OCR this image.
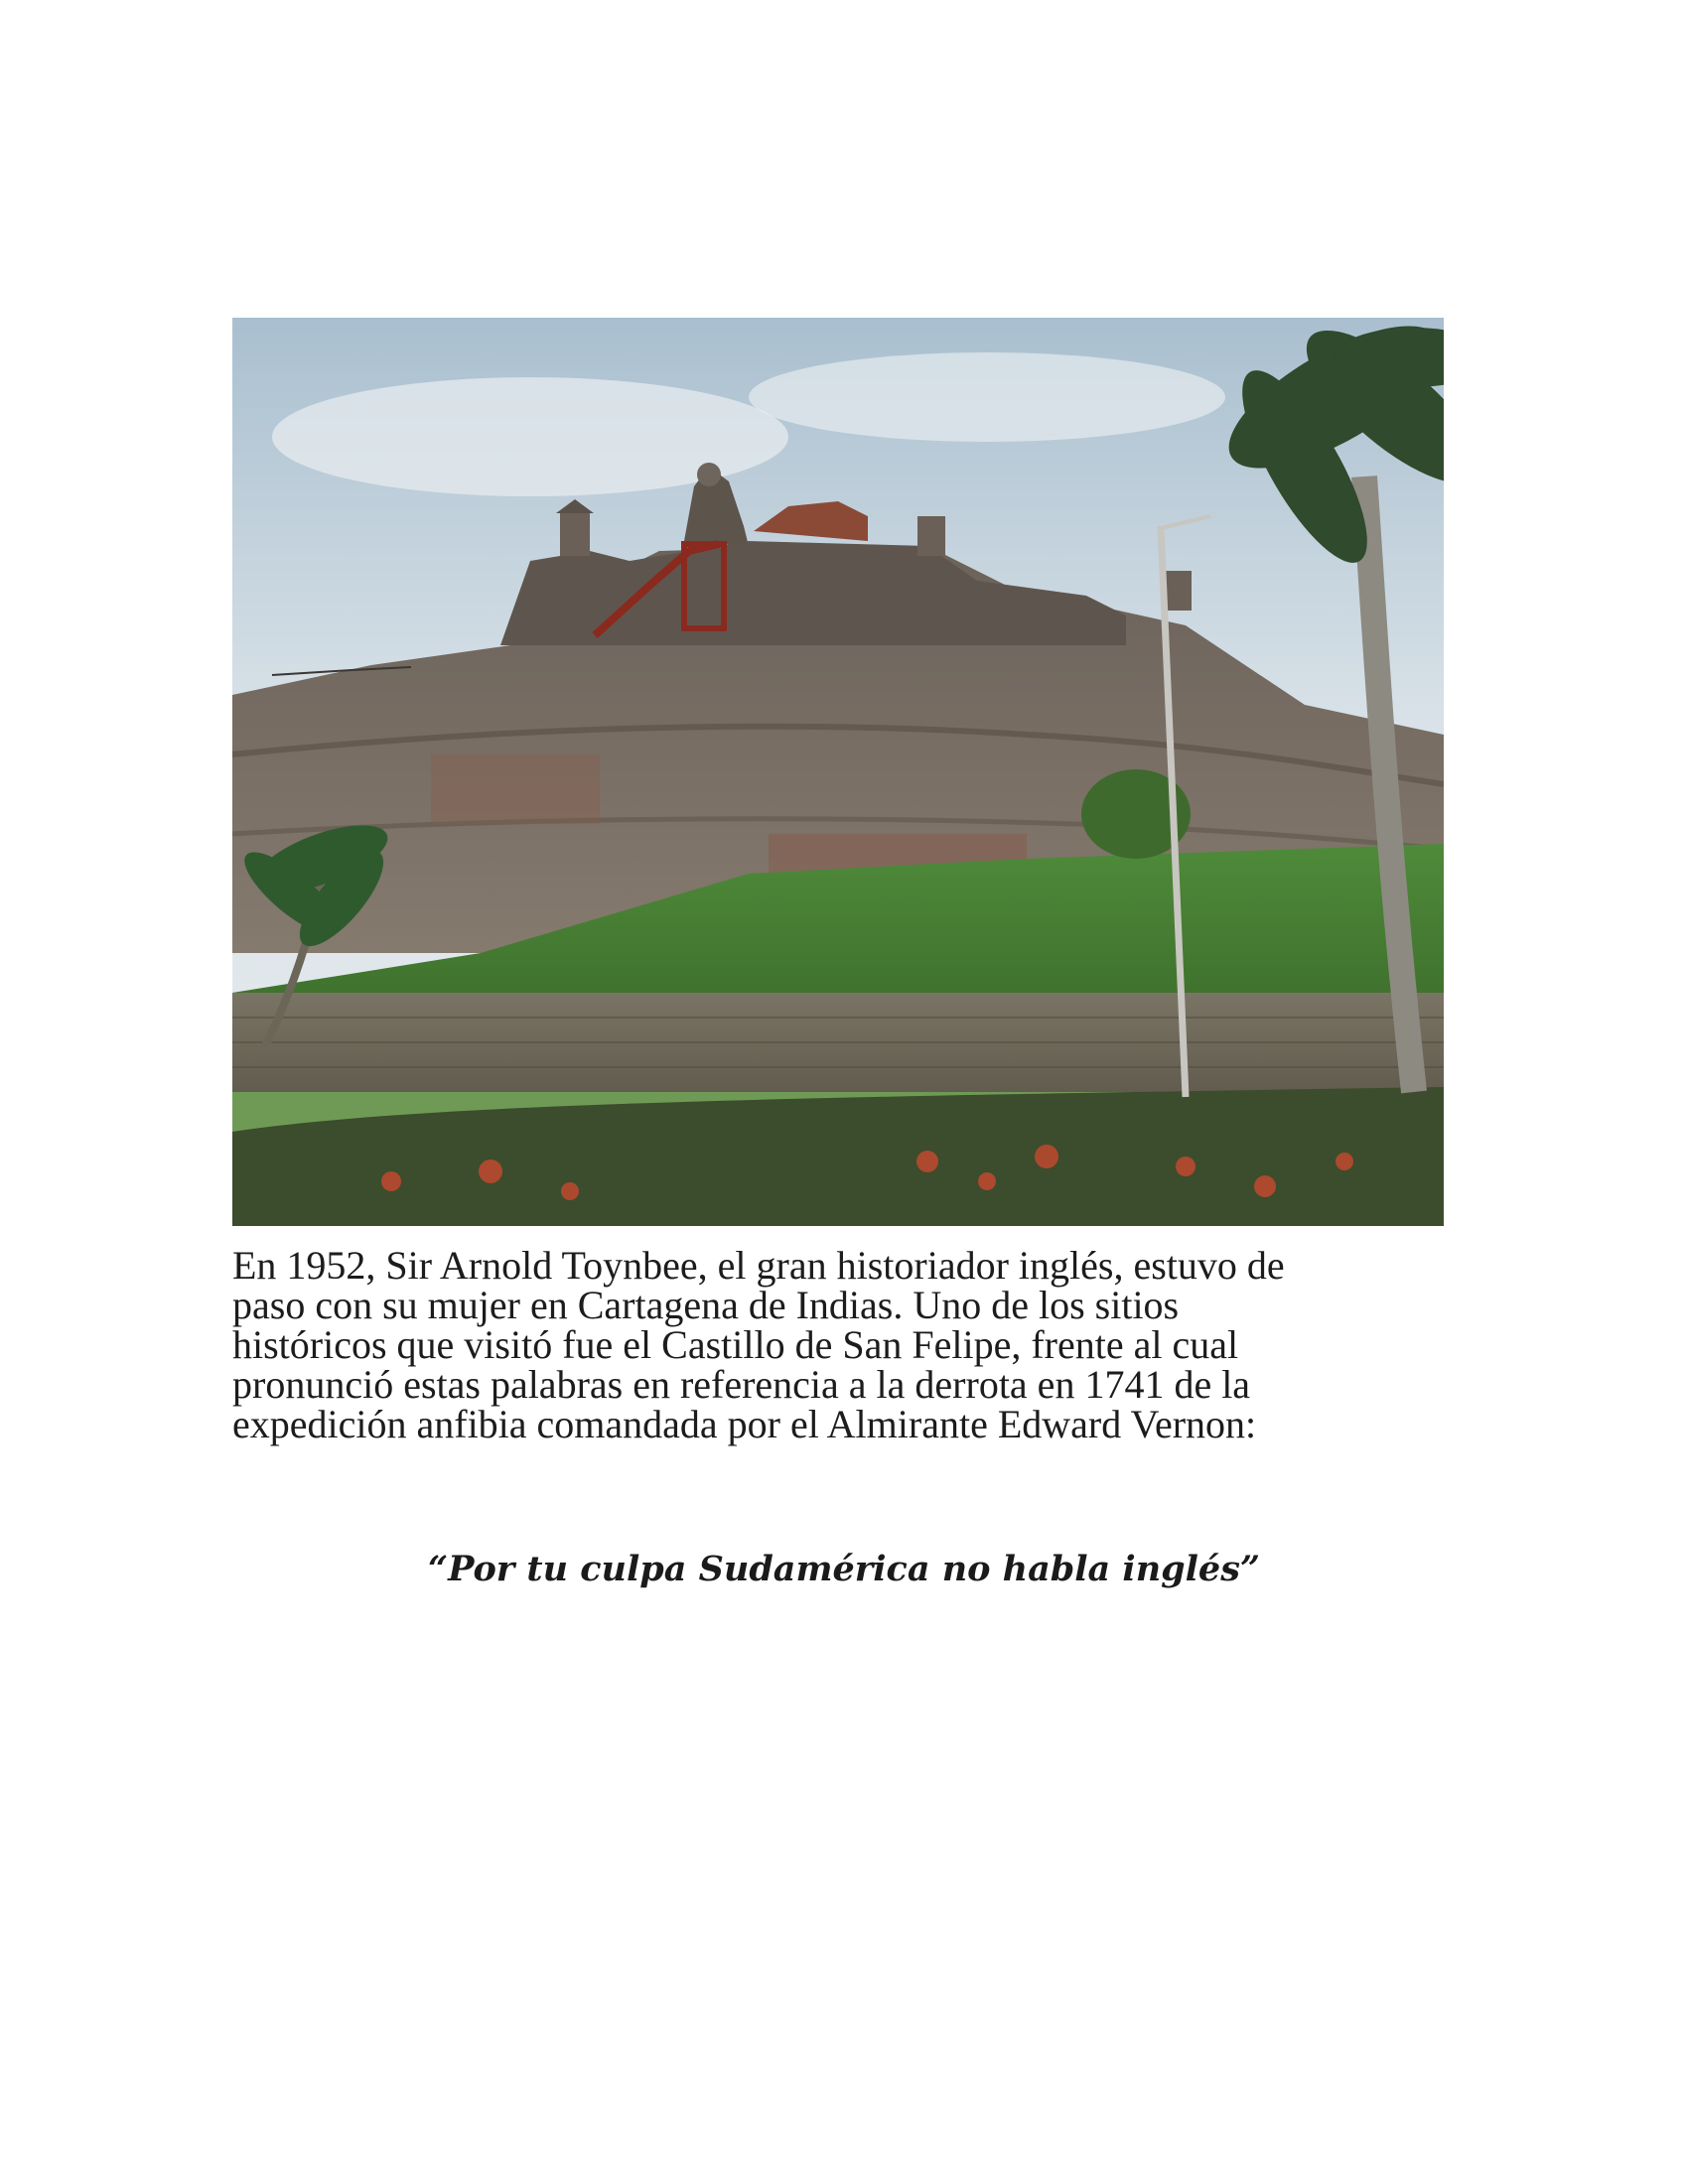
En 1952, Sir Arnold Toynbee, el gran historiador inglés, estuvo de
paso con su mujer en Cartagena de Indias. Uno de los sitios
históricos que visitó fue el Castillo de San Felipe, frente al cual
pronunció estas palabras en referencia a la derrota en 1741 de la
expedición anfibia comandada por el Almirante Edward Vernon:

“Por tu culpa Sudamérica no habla inglés”
